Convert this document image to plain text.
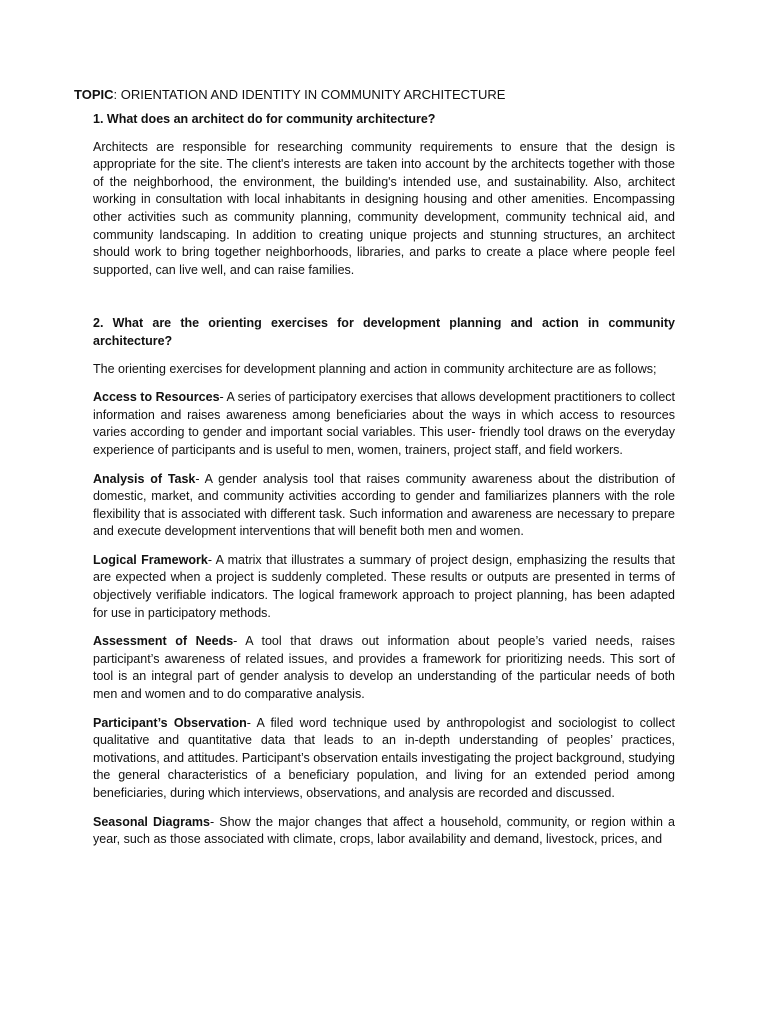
TOPIC: ORIENTATION AND IDENTITY IN COMMUNITY ARCHITECTURE
1. What does an architect do for community architecture?

Architects are responsible for researching community requirements to ensure that the design is appropriate for the site. The client's interests are taken into account by the architects together with those of the neighborhood, the environment, the building's intended use, and sustainability. Also, architect working in consultation with local inhabitants in designing housing and other amenities. Encompassing other activities such as community planning, community development, community technical aid, and community landscaping. In addition to creating unique projects and stunning structures, an architect should work to bring together neighborhoods, libraries, and parks to create a place where people feel supported, can live well, and can raise families.

2. What are the orienting exercises for development planning and action in community architecture?

The orienting exercises for development planning and action in community architecture are as follows;

Access to Resources- A series of participatory exercises that allows development practitioners to collect information and raises awareness among beneficiaries about the ways in which access to resources varies according to gender and important social variables. This user- friendly tool draws on the everyday experience of participants and is useful to men, women, trainers, project staff, and field workers.

Analysis of Task- A gender analysis tool that raises community awareness about the distribution of domestic, market, and community activities according to gender and familiarizes planners with the role flexibility that is associated with different task. Such information and awareness are necessary to prepare and execute development interventions that will benefit both men and women.

Logical Framework- A matrix that illustrates a summary of project design, emphasizing the results that are expected when a project is suddenly completed. These results or outputs are presented in terms of objectively verifiable indicators. The logical framework approach to project planning, has been adapted for use in participatory methods.

Assessment of Needs- A tool that draws out information about people’s varied needs, raises participant’s awareness of related issues, and provides a framework for prioritizing needs. This sort of tool is an integral part of gender analysis to develop an understanding of the particular needs of both men and women and to do comparative analysis.

Participant’s Observation- A filed word technique used by anthropologist and sociologist to collect qualitative and quantitative data that leads to an in-depth understanding of peoples’ practices, motivations, and attitudes. Participant’s observation entails investigating the project background, studying the general characteristics of a beneficiary population, and living for an extended period among beneficiaries, during which interviews, observations, and analysis are recorded and discussed.

Seasonal Diagrams- Show the major changes that affect a household, community, or region within a year, such as those associated with climate, crops, labor availability and demand, livestock, prices, and
